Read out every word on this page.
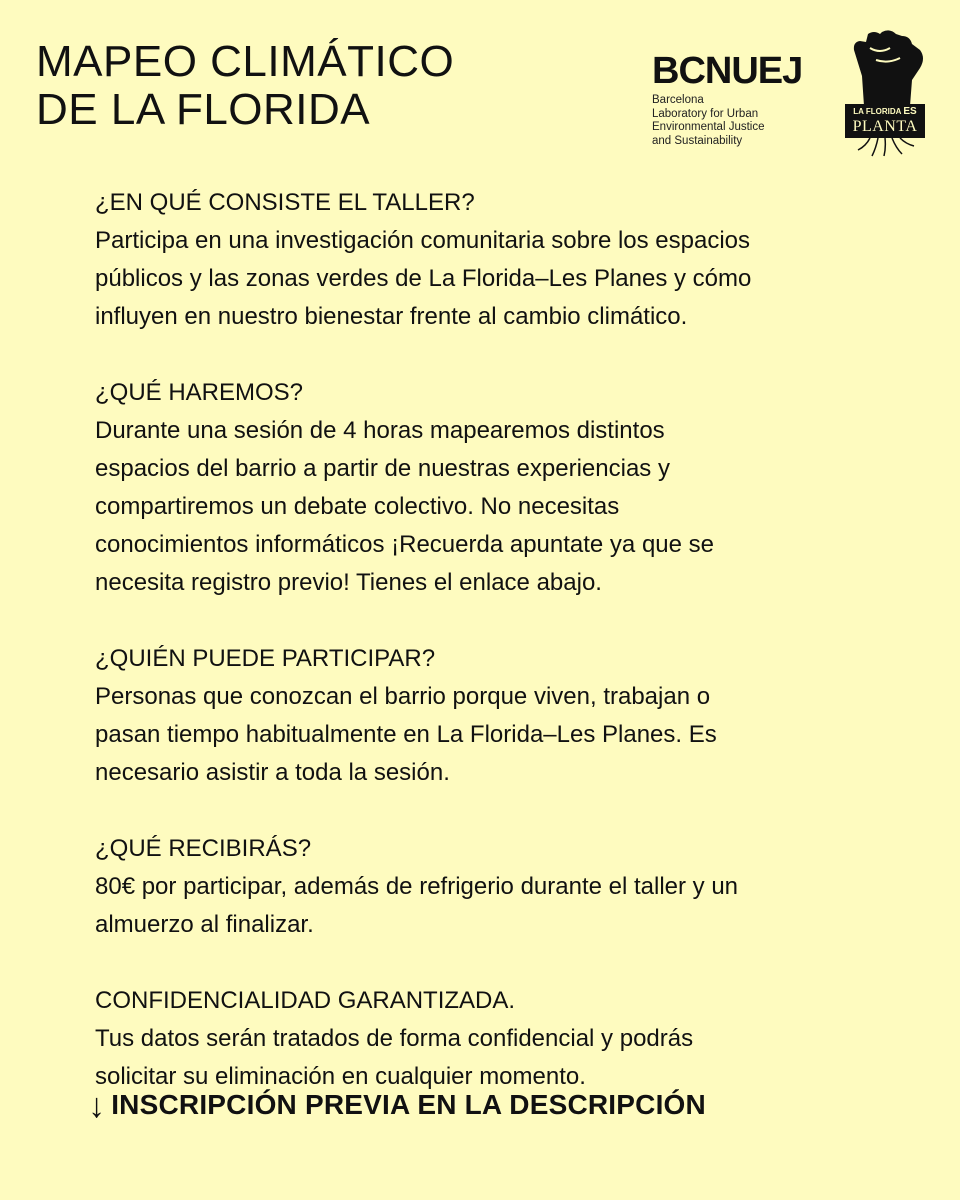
MAPEO CLIMÁTICO
DE LA FLORIDA
BCNUEJ
Barcelona
Laboratory for Urban
Environmental Justice
and Sustainability
LA FLORIDA ES
PLANTA

¿EN QUÉ CONSISTE EL TALLER?

Participa en una investigación comunitaria sobre los espacios

públicos y las zonas verdes de La Florida–Les Planes y cómo

influyen en nuestro bienestar frente al cambio climático.

¿QUÉ HAREMOS?

Durante una sesión de 4 horas mapearemos distintos

espacios del barrio a partir de nuestras experiencias y

compartiremos un debate colectivo. No necesitas

conocimientos informáticos ¡Recuerda apuntate ya que se

necesita registro previo! Tienes el enlace abajo.

¿QUIÉN PUEDE PARTICIPAR?

Personas que conozcan el barrio porque viven, trabajan o

pasan tiempo habitualmente en La Florida–Les Planes. Es

necesario asistir a toda la sesión.

¿QUÉ RECIBIRÁS?

80€ por participar, además de refrigerio durante el taller y un

almuerzo al finalizar.

CONFIDENCIALIDAD GARANTIZADA.

Tus datos serán tratados de forma confidencial y podrás

solicitar su eliminación en cualquier momento.

↓ INSCRIPCIÓN PREVIA EN LA DESCRIPCIÓN
